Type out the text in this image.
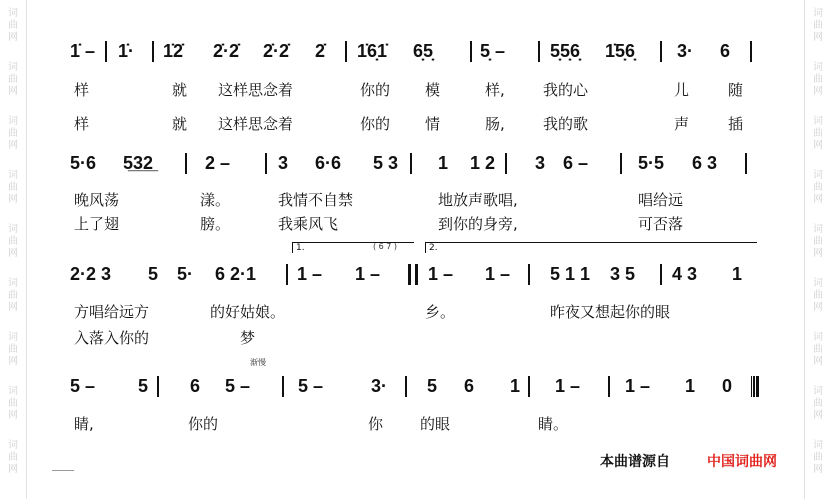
词
曲
网
词
曲
网
词
曲
网
词
曲
网
词
曲
网
词
曲
网
词
曲
网
词
曲
网
词
曲
网
词
曲
网
词
曲
网
词
曲
网
词
曲
网
词
曲
网
词
曲
网
词
曲
网
词
曲
网
词
曲
网
1̇ – 1̇· 1̇2̇ 2̇·2̇ 2̇·2̇ 2̇ 1̇6̣1̇ 6̣5̣	5̣ – 5̣5̣6̣ 1̇5̣6̣ 3· 6
5·6 5̲3̲2̲	2 –	3 6·6 5 3 1 1 2 3 6 –	5·5 6 3
2·2 3 5 5· 6 2·1 1 – 1 –	1 – 1 – 5 1 1 3 5 4 3 1
5 – 5 6 5 –	5 –	3· 5 6 1 1 – 1 – 1 0
样	就 这样思念着	你的 模	样,	我的心	儿	随
样	就 这样思念着	你的 情	肠,	我的歌	声	插
晚风荡	漾。	我情不自禁	地放声歌唱,	唱给远
上了翅	膀。	我乘风飞	到你的身旁,	可否落
方唱给远方	的好姑娘。	乡。	昨夜又想起你的眼
入落入你的	梦
睛,	你的	你 的眼	睛。
1.	2.
( 6 7 )
渐慢
本曲谱源自	中国词曲网
